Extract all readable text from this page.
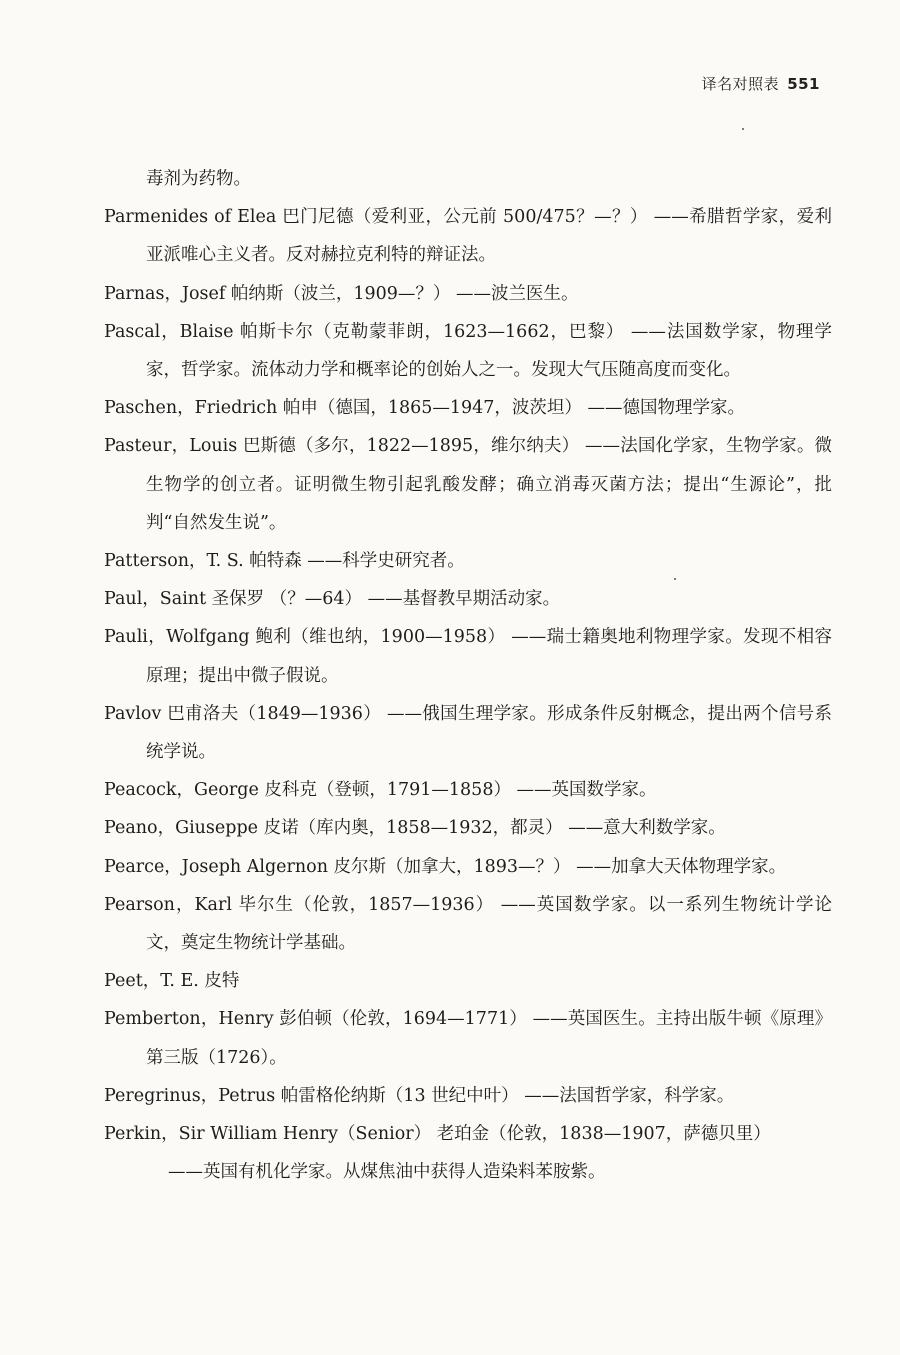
译名对照表 551

毒剂为药物。

Parmenides of Elea 巴门尼德（爱利亚，公元前 500/475？—？） ——希腊哲学家，爱利亚派唯心主义者。反对赫拉克利特的辩证法。

Parnas，Josef 帕纳斯（波兰，1909—？） ——波兰医生。

Pascal，Blaise 帕斯卡尔（克勒蒙菲朗，1623—1662，巴黎） ——法国数学家，物理学家，哲学家。流体动力学和概率论的创始人之一。发现大气压随高度而变化。

Paschen，Friedrich 帕申（德国，1865—1947，波茨坦） ——德国物理学家。

Pasteur，Louis 巴斯德（多尔，1822—1895，维尔纳夫） ——法国化学家，生物学家。微生物学的创立者。证明微生物引起乳酸发酵；确立消毒灭菌方法；提出“生源论”，批判“自然发生说”。

Patterson，T. S. 帕特森 ——科学史研究者。

Paul，Saint 圣保罗 （？—64） ——基督教早期活动家。

Pauli，Wolfgang 鲍利（维也纳，1900—1958） ——瑞士籍奥地利物理学家。发现不相容原理；提出中微子假说。

Pavlov 巴甫洛夫（1849—1936） ——俄国生理学家。形成条件反射概念，提出两个信号系统学说。

Peacock，George 皮科克（登顿，1791—1858） ——英国数学家。

Peano，Giuseppe 皮诺（库内奥，1858—1932，都灵） ——意大利数学家。

Pearce，Joseph Algernon 皮尔斯（加拿大，1893—？） ——加拿大天体物理学家。

Pearson，Karl 毕尔生（伦敦，1857—1936） ——英国数学家。以一系列生物统计学论文，奠定生物统计学基础。

Peet，T. E. 皮特

Pemberton，Henry 彭伯顿（伦敦，1694—1771） ——英国医生。主持出版牛顿《原理》第三版（1726）。

Peregrinus，Petrus 帕雷格伦纳斯（13 世纪中叶） ——法国哲学家，科学家。

Perkin，Sir William Henry（Senior） 老珀金（伦敦，1838—1907，萨德贝里）
——英国有机化学家。从煤焦油中获得人造染料苯胺紫。
